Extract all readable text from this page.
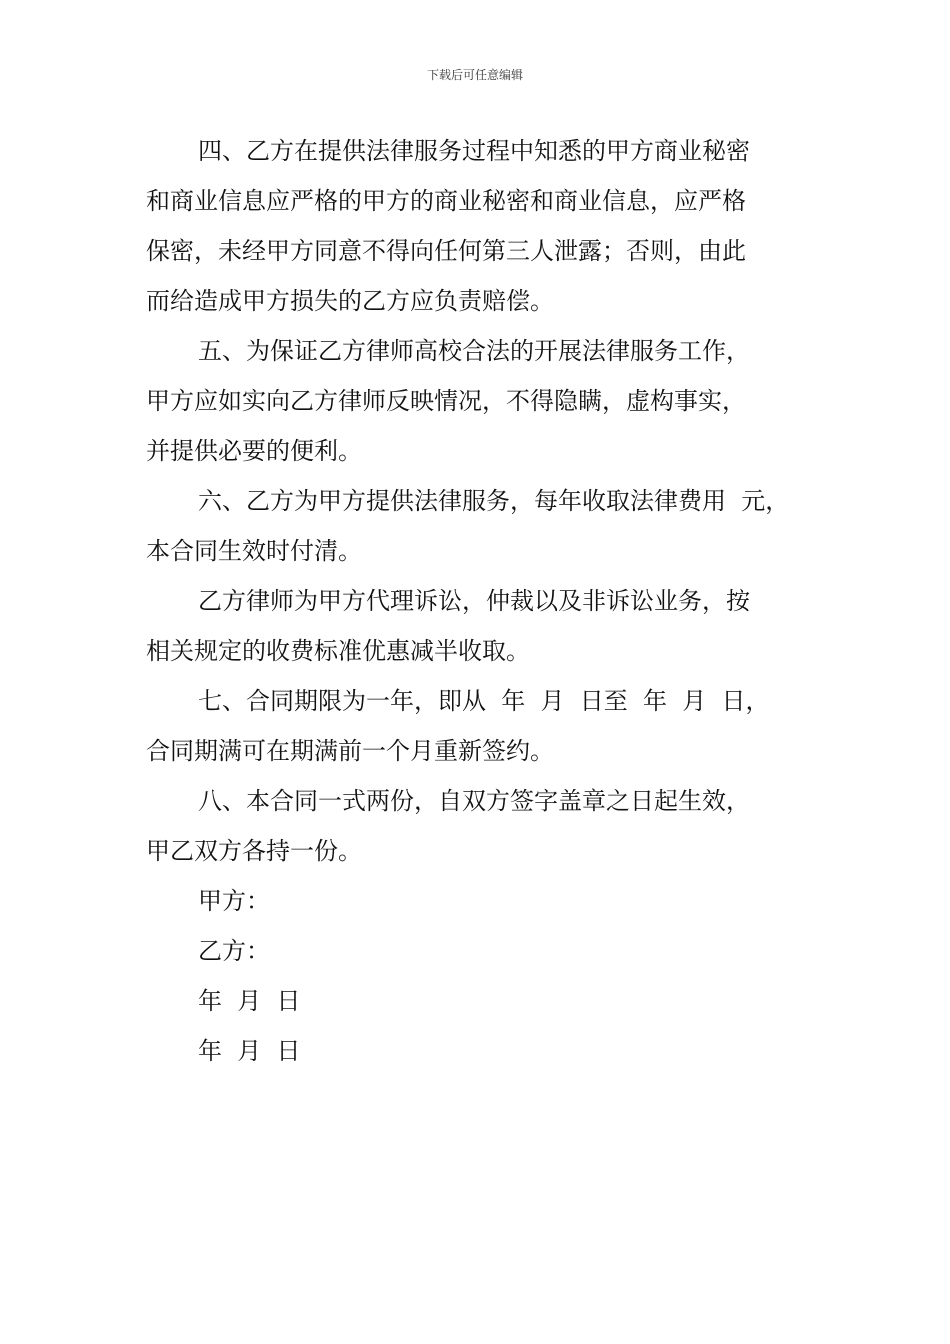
下载后可任意编辑
四、乙方在提供法律服务过程中知悉的甲方商业秘密
和商业信息应严格的甲方的商业秘密和商业信息，应严格
保密，未经甲方同意不得向任何第三人泄露；否则，由此
而给造成甲方损失的乙方应负责赔偿。
五、为保证乙方律师高校合法的开展法律服务工作，
甲方应如实向乙方律师反映情况，不得隐瞒，虚构事实，
并提供必要的便利。
六、乙方为甲方提供法律服务，每年收取法律费用  元，
本合同生效时付清。
乙方律师为甲方代理诉讼，仲裁以及非诉讼业务，按
相关规定的收费标准优惠减半收取。
七、合同期限为一年，即从  年  月  日至  年  月  日，
合同期满可在期满前一个月重新签约。
八、本合同一式两份，自双方签字盖章之日起生效，
甲乙双方各持一份。
甲方：
乙方：
年  月  日
年  月  日
